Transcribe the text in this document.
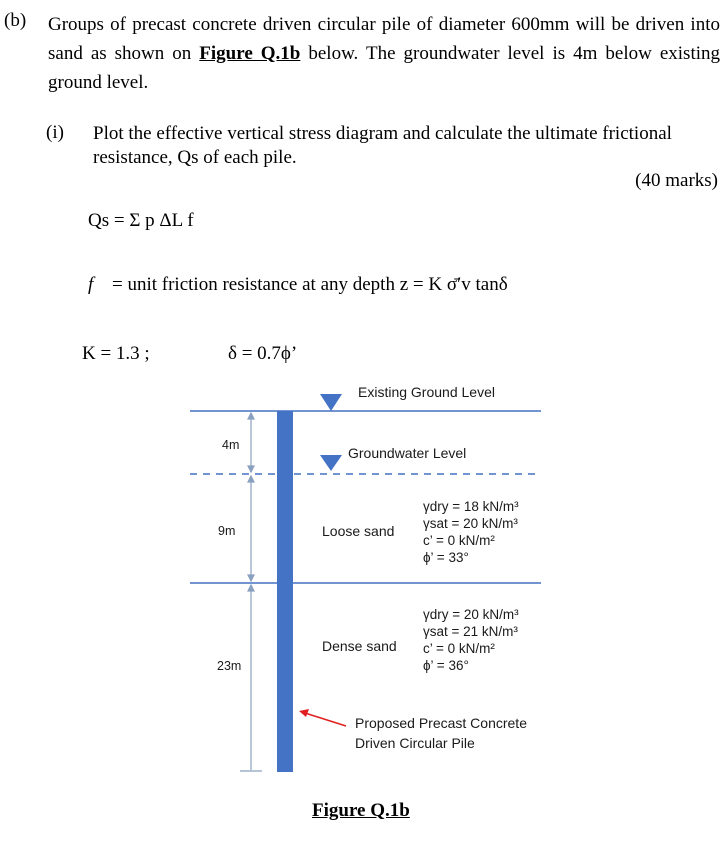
(b) Groups of precast concrete driven circular pile of diameter 600mm will be driven into sand as shown on Figure Q.1b below. The groundwater level is 4m below existing ground level.
(i) Plot the effective vertical stress diagram and calculate the ultimate frictional resistance, Qs of each pile.
(40 marks)
Qs = Σ p ΔL f
f = unit friction resistance at any depth z = K σ̄′v tanδ
K = 1.3 ;	δ = 0.7ϕ’
Existing Ground Level
Groundwater Level
4m
9m
23m
Loose sand
γdry = 18 kN/m³
γsat = 20 kN/m³
c’ = 0 kN/m²
ϕ’ = 33°
Dense sand
γdry = 20 kN/m³
γsat = 21 kN/m³
c’ = 0 kN/m²
ϕ’ = 36°
Proposed Precast Concrete
Driven Circular Pile
Figure Q.1b
